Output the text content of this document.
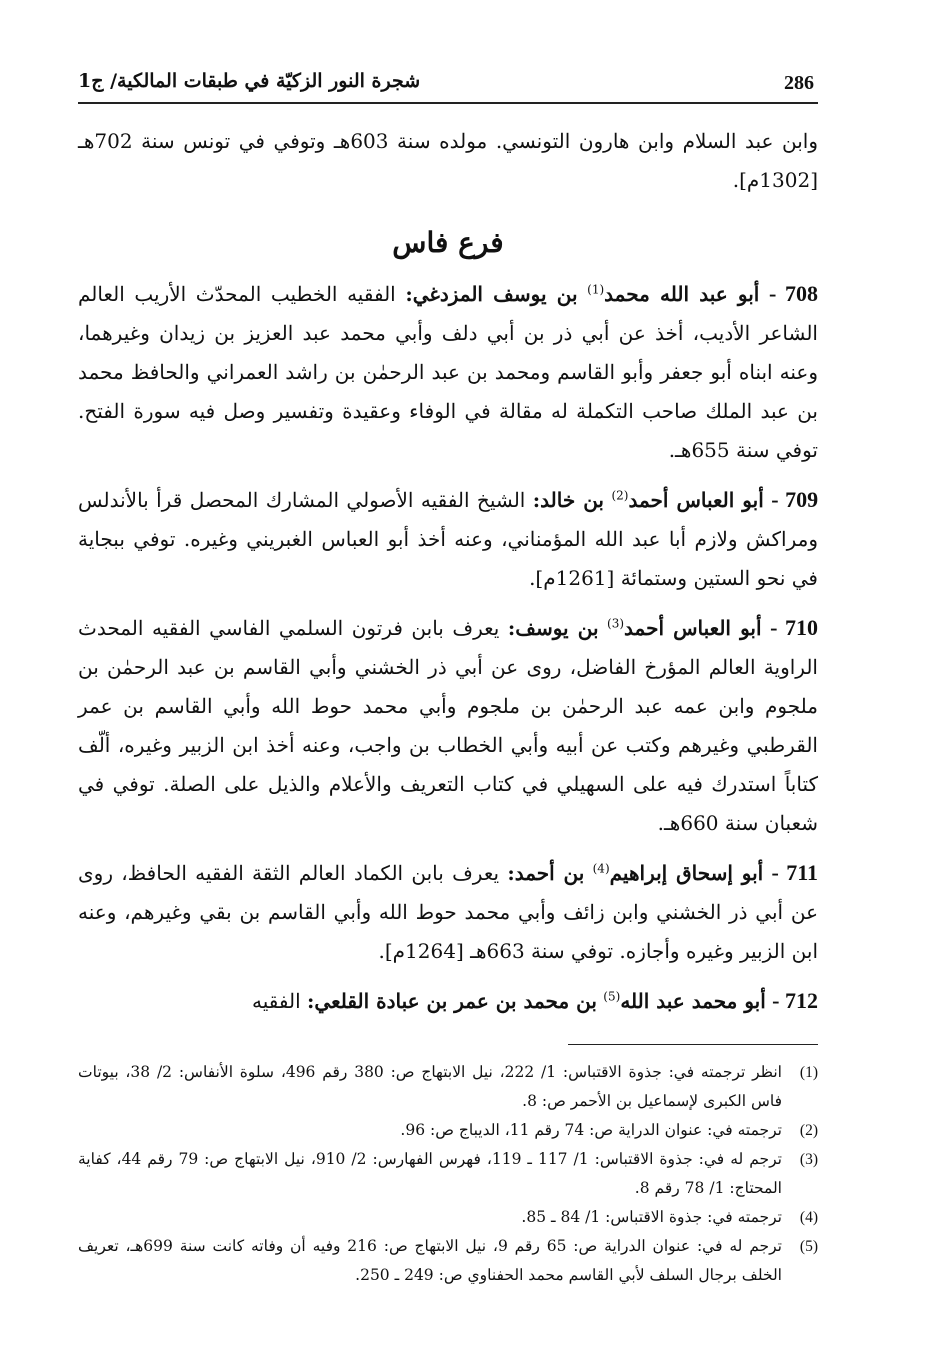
286
شجرة النور الزكيّة في طبقات المالكية/ ج1

وابن عبد السلام وابن هارون التونسي. مولده سنة 603هـ وتوفي في تونس سنة 702هـ [1302م].

فرع فاس

708 - أبو عبد الله محمد$^{(1)}$ بن يوسف المزدغي: الفقيه الخطيب المحدّث الأريب العالم الشاعر الأديب، أخذ عن أبي ذر بن أبي دلف وأبي محمد عبد العزيز بن زيدان وغيرهما، وعنه ابناه أبو جعفر وأبو القاسم ومحمد بن عبد الرحمٰن بن راشد العمراني والحافظ محمد بن عبد الملك صاحب التكملة له مقالة في الوفاء وعقيدة وتفسير وصل فيه سورة الفتح. توفي سنة 655هـ.

709 - أبو العباس أحمد$^{(2)}$ بن خالد: الشيخ الفقيه الأصولي المشارك المحصل قرأ بالأندلس ومراكش ولازم أبا عبد الله المؤمناني، وعنه أخذ أبو العباس الغبريني وغيره. توفي ببجاية في نحو الستين وستمائة [1261م].

710 - أبو العباس أحمد$^{(3)}$ بن يوسف: يعرف بابن فرتون السلمي الفاسي الفقيه المحدث الراوية العالم المؤرخ الفاضل، روى عن أبي ذر الخشني وأبي القاسم بن عبد الرحمٰن بن ملجوم وابن عمه عبد الرحمٰن بن ملجوم وأبي محمد حوط الله وأبي القاسم بن عمر القرطبي وغيرهم وكتب عن أبيه وأبي الخطاب بن واجب، وعنه أخذ ابن الزبير وغيره، ألّف كتاباً استدرك فيه على السهيلي في كتاب التعريف والأعلام والذيل على الصلة. توفي في شعبان سنة 660هـ.

711 - أبو إسحاق إبراهيم$^{(4)}$ بن أحمد: يعرف بابن الكماد العالم الثقة الفقيه الحافظ، روى عن أبي ذر الخشني وابن زائف وأبي محمد حوط الله وأبي القاسم بن بقي وغيرهم، وعنه ابن الزبير وغيره وأجازه. توفي سنة 663هـ [1264م].

712 - أبو محمد عبد الله$^{(5)}$ بن محمد بن عمر بن عبادة القلعي: الفقيه

(1)
انظر ترجمته في: جذوة الاقتباس: 1/ 222، نيل الابتهاج ص: 380 رقم 496، سلوة الأنفاس: 2/ 38، بيوتات فاس الكبرى لإسماعيل بن الأحمر ص: 8.
(2)
ترجمته في: عنوان الدراية ص: 74 رقم 11، الديباج ص: 96.
(3)
ترجم له في: جذوة الاقتباس: 1/ 117 ـ 119، فهرس الفهارس: 2/ 910، نيل الابتهاج ص: 79 رقم 44، كفاية المحتاج: 1/ 78 رقم 8.
(4)
ترجمته في: جذوة الاقتباس: 1/ 84 ـ 85.
(5)
ترجم له في: عنوان الدراية ص: 65 رقم 9، نيل الابتهاج ص: 216 وفيه أن وفاته كانت سنة 699هـ، تعريف الخلف برجال السلف لأبي القاسم محمد الحفناوي ص: 249 ـ 250.
